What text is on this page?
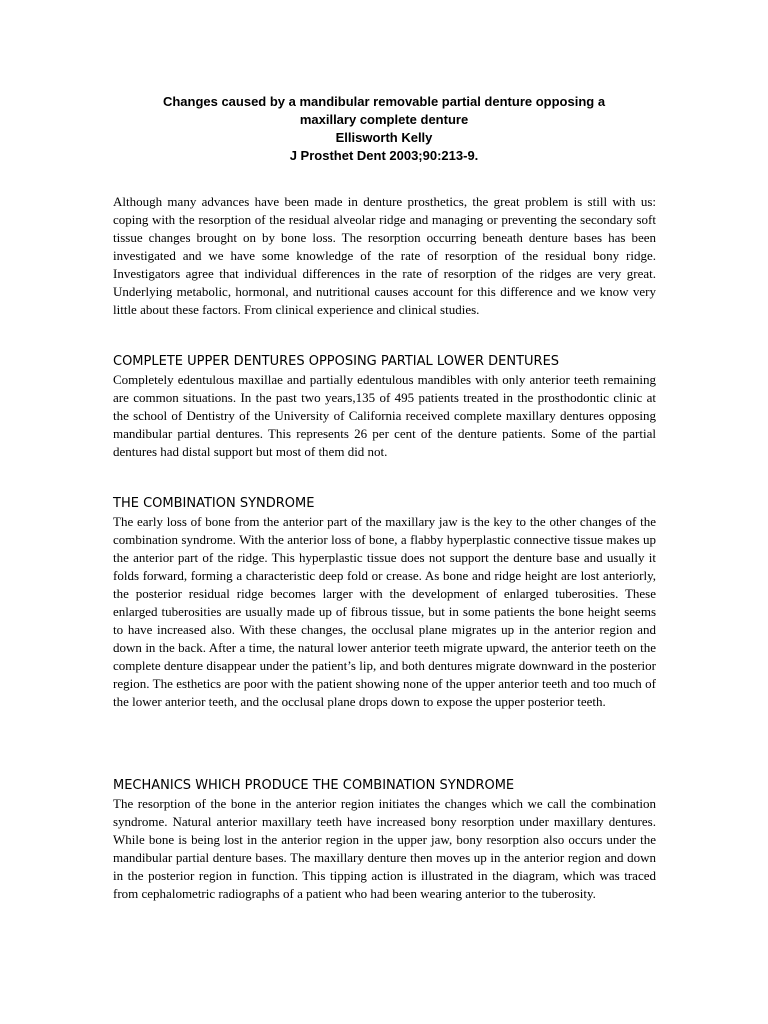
Changes caused by a mandibular removable partial denture opposing a
maxillary complete denture
Ellisworth Kelly
J Prosthet Dent 2003;90:213-9.

Although many advances have been made in denture prosthetics, the great problem is still with us: coping with the resorption of the residual alveolar ridge and managing or preventing the secondary soft tissue changes brought on by bone loss. The resorption occurring beneath denture bases has been investigated and we have some knowledge of the rate of resorption of the residual bony ridge. Investigators agree that individual differences in the rate of resorption of the ridges are very great. Underlying metabolic, hormonal, and nutritional causes account for this difference and we know very little about these factors. From clinical experience and clinical studies.

COMPLETE UPPER DENTURES OPPOSING PARTIAL LOWER DENTURES

Completely edentulous maxillae and partially edentulous mandibles with only anterior teeth remaining are common situations. In the past two years,135 of 495 patients treated in the prosthodontic clinic at the school of Dentistry of the University of California received complete maxillary dentures opposing mandibular partial dentures. This represents 26 per cent of the denture patients. Some of the partial dentures had distal support but most of them did not.

THE COMBINATION SYNDROME

The early loss of bone from the anterior part of the maxillary jaw is the key to the other changes of the combination syndrome. With the anterior loss of bone, a flabby hyperplastic connective tissue makes up the anterior part of the ridge. This hyperplastic tissue does not support the denture base and usually it folds forward, forming a characteristic deep fold or crease. As bone and ridge height are lost anteriorly, the posterior residual ridge becomes larger with the development of enlarged tuberosities. These enlarged tuberosities are usually made up of fibrous tissue, but in some patients the bone height seems to have increased also. With these changes, the occlusal plane migrates up in the anterior region and down in the back. After a time, the natural lower anterior teeth migrate upward, the anterior teeth on the complete denture disappear under the patient’s lip, and both dentures migrate downward in the posterior region. The esthetics are poor with the patient showing none of the upper anterior teeth and too much of the lower anterior teeth, and the occlusal plane drops down to expose the upper posterior teeth.

MECHANICS WHICH PRODUCE THE COMBINATION SYNDROME

The resorption of the bone in the anterior region initiates the changes which we call the combination syndrome. Natural anterior maxillary teeth have increased bony resorption under maxillary dentures. While bone is being lost in the anterior region in the upper jaw, bony resorption also occurs under the mandibular partial denture bases. The maxillary denture then moves up in the anterior region and down in the posterior region in function. This tipping action is illustrated in the diagram, which was traced from cephalometric radiographs of a patient who had been wearing anterior to the tuberosity.
